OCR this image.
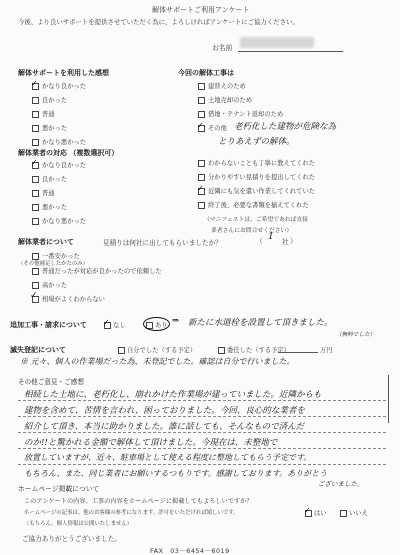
解体サポートご利用アンケート
今後、より良いサポートを提供させていただく為に、よろしければアンケートにご協力ください。
お名前
解体サポートを利用した感想
✓ かなり良かった
良かった
普通
悪かった
かなり悪かった
今回の解体工事は
建替えのため
土地売却のため
借地・テナント返却のため
✓ その他 老朽化した建物が危険な為
とりあえずの解体。
解体業者の対応 （複数選択可）
✓ かなり良かった
良かった
普通
悪かった
かなり悪かった
わからないことも丁寧に教えてくれた
分かりやすい見積りを提出してくれた
✓ 近隣にも気を遣い作業してくれていた
終了後、必要な書類を揃えてくれた
（マニフェストは、ご希望であれば直接
業者さんにお問合せください）
解体業者について	見積りは何社に出してもらいましたか？	（ 1 社 ）
一番安かった
（その他補足したかたのみ）
普通だったが対応が良かったので依頼した
高かった
✓ 相場がよくわからない
追加工事・請求について ✓ なし	あり ⇒ 新たに水道栓を設置して頂きました。
（無料でした）
滅失登記について	自分でした（する予定）	委任した（する予定）	万円
※ 元々、個人の作業場だった為、未登記でした。確認は自分で行いました。
その他ご意見・ご感想
相続した土地に、老朽化し、崩れかけた作業場が建っていました。近隣からも
建物を含めて、苦情を言われ、困っておりました。今回、良心的な業者を
紹介して頂き、本当に助かりました。誰に話しても、そんなもので済んだ
のか!!と驚かれる金額で解体して頂けました。今現在は、未整地で
放置していますが、近々、駐車場として使える程度に整地してもらう予定です。
もちろん、また、同じ業者にお願いするつもりです。感謝しております。ありがとう
ございました。
ホームページ掲載について
このアンケートの内容、工事の内容をホームページに掲載してもよろしいですか？
ホームページの記事は、他のお客様の参考になります。許可をいただければ嬉しいです。
（もちろん、個人情報は公開いたしません）
✓ はい	いいえ
ご協力ありがとうございました。
FAX　03－6454－6019
